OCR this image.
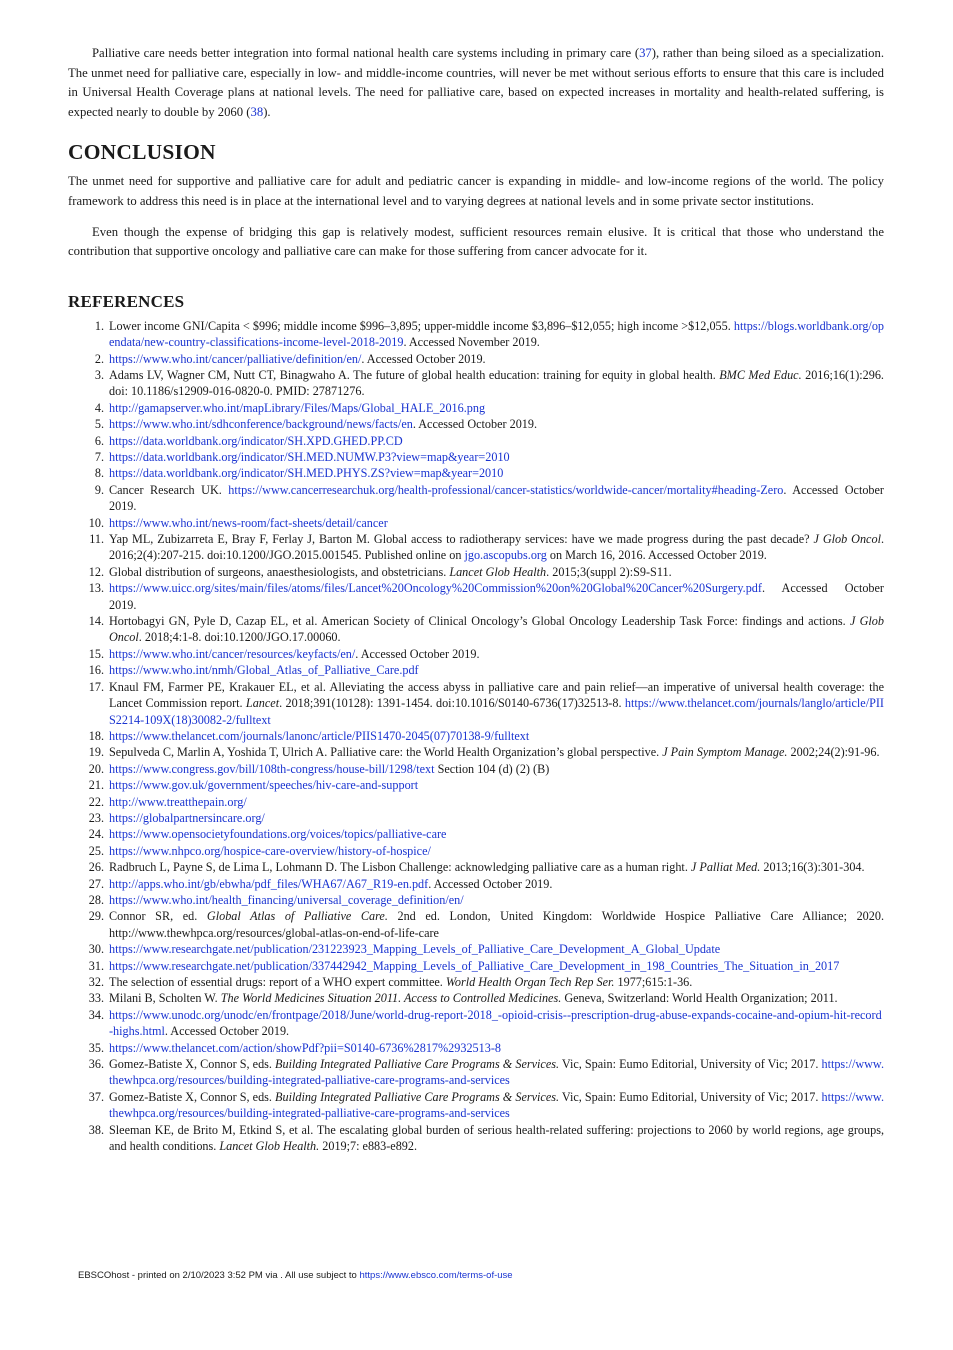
Palliative care needs better integration into formal national health care systems including in primary care (37), rather than being siloed as a specialization. The unmet need for palliative care, especially in low- and middle-income countries, will never be met without serious efforts to ensure that this care is included in Universal Health Coverage plans at national levels. The need for palliative care, based on expected increases in mortality and health-related suffering, is expected nearly to double by 2060 (38).

CONCLUSION

The unmet need for supportive and palliative care for adult and pediatric cancer is expanding in middle- and low-income regions of the world. The policy framework to address this need is in place at the international level and to varying degrees at national levels and in some private sector institutions.

Even though the expense of bridging this gap is relatively modest, sufficient resources remain elusive. It is critical that those who understand the contribution that supportive oncology and palliative care can make for those suffering from cancer advocate for it.

REFERENCES
1. Lower income GNI/Capita < $996; middle income $996–3,895; upper-middle income $3,896–$12,055; high income >$12,055. https://blogs.worldbank.org/opendata/new-country-classifications-income-level-2018-2019. Accessed November 2019.
2. https://www.who.int/cancer/palliative/definition/en/. Accessed October 2019.
3. Adams LV, Wagner CM, Nutt CT, Binagwaho A. The future of global health education: training for equity in global health. BMC Med Educ. 2016;16(1):296. doi: 10.1186/s12909-016-0820-0. PMID: 27871276.
4. http://gamapserver.who.int/mapLibrary/Files/Maps/Global_HALE_2016.png
5. https://www.who.int/sdhconference/background/news/facts/en. Accessed October 2019.
6. https://data.worldbank.org/indicator/SH.XPD.GHED.PP.CD
7. https://data.worldbank.org/indicator/SH.MED.NUMW.P3?view=map&year=2010
8. https://data.worldbank.org/indicator/SH.MED.PHYS.ZS?view=map&year=2010
9. Cancer Research UK. https://www.cancerresearchuk.org/health-professional/cancer-statistics/worldwide-cancer/mortality#heading-Zero. Accessed October 2019.
10. https://www.who.int/news-room/fact-sheets/detail/cancer
11. Yap ML, Zubizarreta E, Bray F, Ferlay J, Barton M. Global access to radiotherapy services: have we made progress during the past decade? J Glob Oncol. 2016;2(4):207-215. doi:10.1200/JGO.2015.001545. Published online on jgo.ascopubs.org on March 16, 2016. Accessed October 2019.
12. Global distribution of surgeons, anaesthesiologists, and obstetricians. Lancet Glob Health. 2015;3(suppl 2):S9-S11.
13. https://www.uicc.org/sites/main/files/atoms/files/Lancet%20Oncology%20Commission%20on%20Global%20Cancer%20Surgery.pdf. Accessed October 2019.
14. Hortobagyi GN, Pyle D, Cazap EL, et al. American Society of Clinical Oncology’s Global Oncology Leadership Task Force: findings and actions. J Glob Oncol. 2018;4:1-8. doi:10.1200/JGO.17.00060.
15. https://www.who.int/cancer/resources/keyfacts/en/. Accessed October 2019.
16. https://www.who.int/nmh/Global_Atlas_of_Palliative_Care.pdf
17. Knaul FM, Farmer PE, Krakauer EL, et al. Alleviating the access abyss in palliative care and pain relief—an imperative of universal health coverage: the Lancet Commission report. Lancet. 2018;391(10128): 1391-1454. doi:10.1016/S0140-6736(17)32513-8. https://www.thelancet.com/journals/langlo/article/PIIS2214-109X(18)30082-2/fulltext
18. https://www.thelancet.com/journals/lanonc/article/PIIS1470-2045(07)70138-9/fulltext
19. Sepulveda C, Marlin A, Yoshida T, Ulrich A. Palliative care: the World Health Organization’s global perspective. J Pain Symptom Manage. 2002;24(2):91-96.
20. https://www.congress.gov/bill/108th-congress/house-bill/1298/text Section 104 (d) (2) (B)
21. https://www.gov.uk/government/speeches/hiv-care-and-support
22. http://www.treatthepain.org/
23. https://globalpartnersincare.org/
24. https://www.opensocietyfoundations.org/voices/topics/palliative-care
25. https://www.nhpco.org/hospice-care-overview/history-of-hospice/
26. Radbruch L, Payne S, de Lima L, Lohmann D. The Lisbon Challenge: acknowledging palliative care as a human right. J Palliat Med. 2013;16(3):301-304.
27. http://apps.who.int/gb/ebwha/pdf_files/WHA67/A67_R19-en.pdf. Accessed October 2019.
28. https://www.who.int/health_financing/universal_coverage_definition/en/
29. Connor SR, ed. Global Atlas of Palliative Care. 2nd ed. London, United Kingdom: Worldwide Hospice Palliative Care Alliance; 2020. http://www.thewhpca.org/resources/global-atlas-on-end-of-life-care
30. https://www.researchgate.net/publication/231223923_Mapping_Levels_of_Palliative_Care_Development_A_Global_Update
31. https://www.researchgate.net/publication/337442942_Mapping_Levels_of_Palliative_Care_Development_in_198_Countries_The_Situation_in_2017
32. The selection of essential drugs: report of a WHO expert committee. World Health Organ Tech Rep Ser. 1977;615:1-36.
33. Milani B, Scholten W. The World Medicines Situation 2011. Access to Controlled Medicines. Geneva, Switzerland: World Health Organization; 2011.
34. https://www.unodc.org/unodc/en/frontpage/2018/June/world-drug-report-2018_-opioid-crisis--prescription-drug-abuse-expands-cocaine-and-opium-hit-record-highs.html. Accessed October 2019.
35. https://www.thelancet.com/action/showPdf?pii=S0140-6736%2817%2932513-8
36. Gomez-Batiste X, Connor S, eds. Building Integrated Palliative Care Programs & Services. Vic, Spain: Eumo Editorial, University of Vic; 2017. https://www.thewhpca.org/resources/building-integrated-palliative-care-programs-and-services
37. Gomez-Batiste X, Connor S, eds. Building Integrated Palliative Care Programs & Services. Vic, Spain: Eumo Editorial, University of Vic; 2017. https://www.thewhpca.org/resources/building-integrated-palliative-care-programs-and-services
38. Sleeman KE, de Brito M, Etkind S, et al. The escalating global burden of serious health-related suffering: projections to 2060 by world regions, age groups, and health conditions. Lancet Glob Health. 2019;7: e883-e892.
EBSCOhost - printed on 2/10/2023 3:52 PM via . All use subject to https://www.ebsco.com/terms-of-use
